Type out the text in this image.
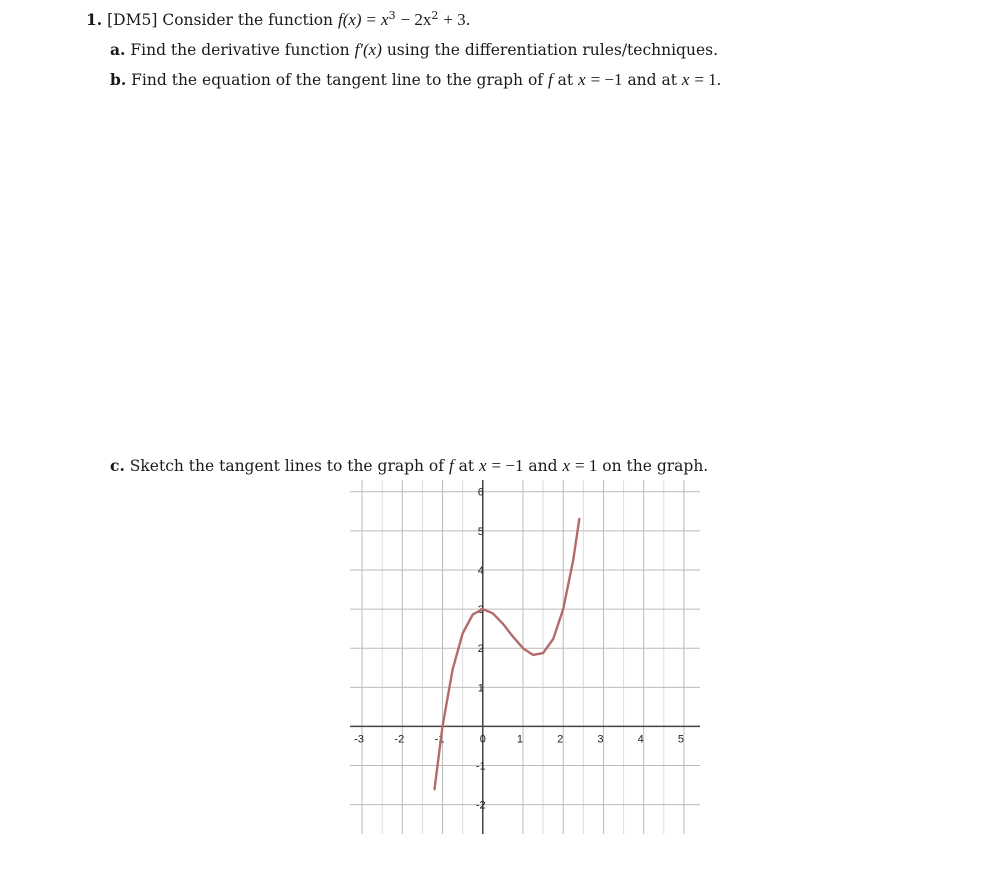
1. [DM5] Consider the function $f(x) = x^3 - 2x^2 + 3$.
a. Find the derivative function f′(x) using the differentiation rules/techniques.
b. Find the equation of the tangent line to the graph of f at x = −1 and at x = 1.
c. Sketch the tangent lines to the graph of f at x = −1 and x = 1 on the graph.
-3	-2	-1	0	1	2	3	4	5
6
5
4
3
2
1
-1
-2
